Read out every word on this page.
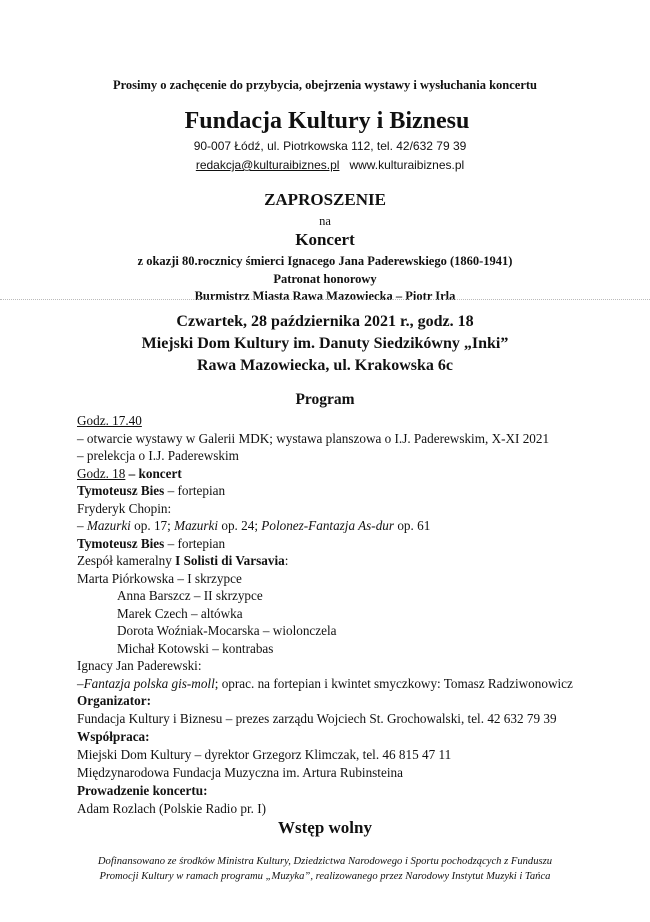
Prosimy o zachęcenie do przybycia, obejrzenia wystawy i wysłuchania koncertu
Fundacja Kultury i Biznesu
90-007 Łódź, ul. Piotrkowska 112, tel. 42/632 79 39
redakcja@kulturaibiznes.pl www.kulturaibiznes.pl
ZAPROSZENIE
na
Koncert
z okazji 80.rocznicy śmierci Ignacego Jana Paderewskiego (1860-1941)
Patronat honorowy
Burmistrz Miasta Rawa Mazowiecka – Piotr Irla
Czwartek, 28 października 2021 r., godz. 18
Miejski Dom Kultury im. Danuty Siedzikówny „Inki”
Rawa Mazowiecka, ul. Krakowska 6c
Program
Godz. 17.40
– otwarcie wystawy w Galerii MDK; wystawa planszowa o I.J. Paderewskim, X-XI 2021
– prelekcja o I.J. Paderewskim
Godz. 18 – koncert
Tymoteusz Bies – fortepian
Fryderyk Chopin:
– Mazurki op. 17; Mazurki op. 24; Polonez-Fantazja As-dur op. 61
Tymoteusz Bies – fortepian
Zespół kameralny I Solisti di Varsavia:
Marta Piórkowska – I skrzypce
Anna Barszcz – II skrzypce
Marek Czech – altówka
Dorota Woźniak-Mocarska – wiolonczela
Michał Kotowski – kontrabas
Ignacy Jan Paderewski:
–Fantazja polska gis-moll; oprac. na fortepian i kwintet smyczkowy: Tomasz Radziwonowicz
Organizator:
Fundacja Kultury i Biznesu – prezes zarządu Wojciech St. Grochowalski, tel. 42 632 79 39
Współpraca:
Miejski Dom Kultury – dyrektor Grzegorz Klimczak, tel. 46 815 47 11
Międzynarodowa Fundacja Muzyczna im. Artura Rubinsteina
Prowadzenie koncertu:
Adam Rozlach (Polskie Radio pr. I)
Wstęp wolny
Dofinansowano ze środków Ministra Kultury, Dziedzictwa Narodowego i Sportu pochodzących z Funduszu
Promocji Kultury w ramach programu „Muzyka”, realizowanego przez Narodowy Instytut Muzyki i Tańca
